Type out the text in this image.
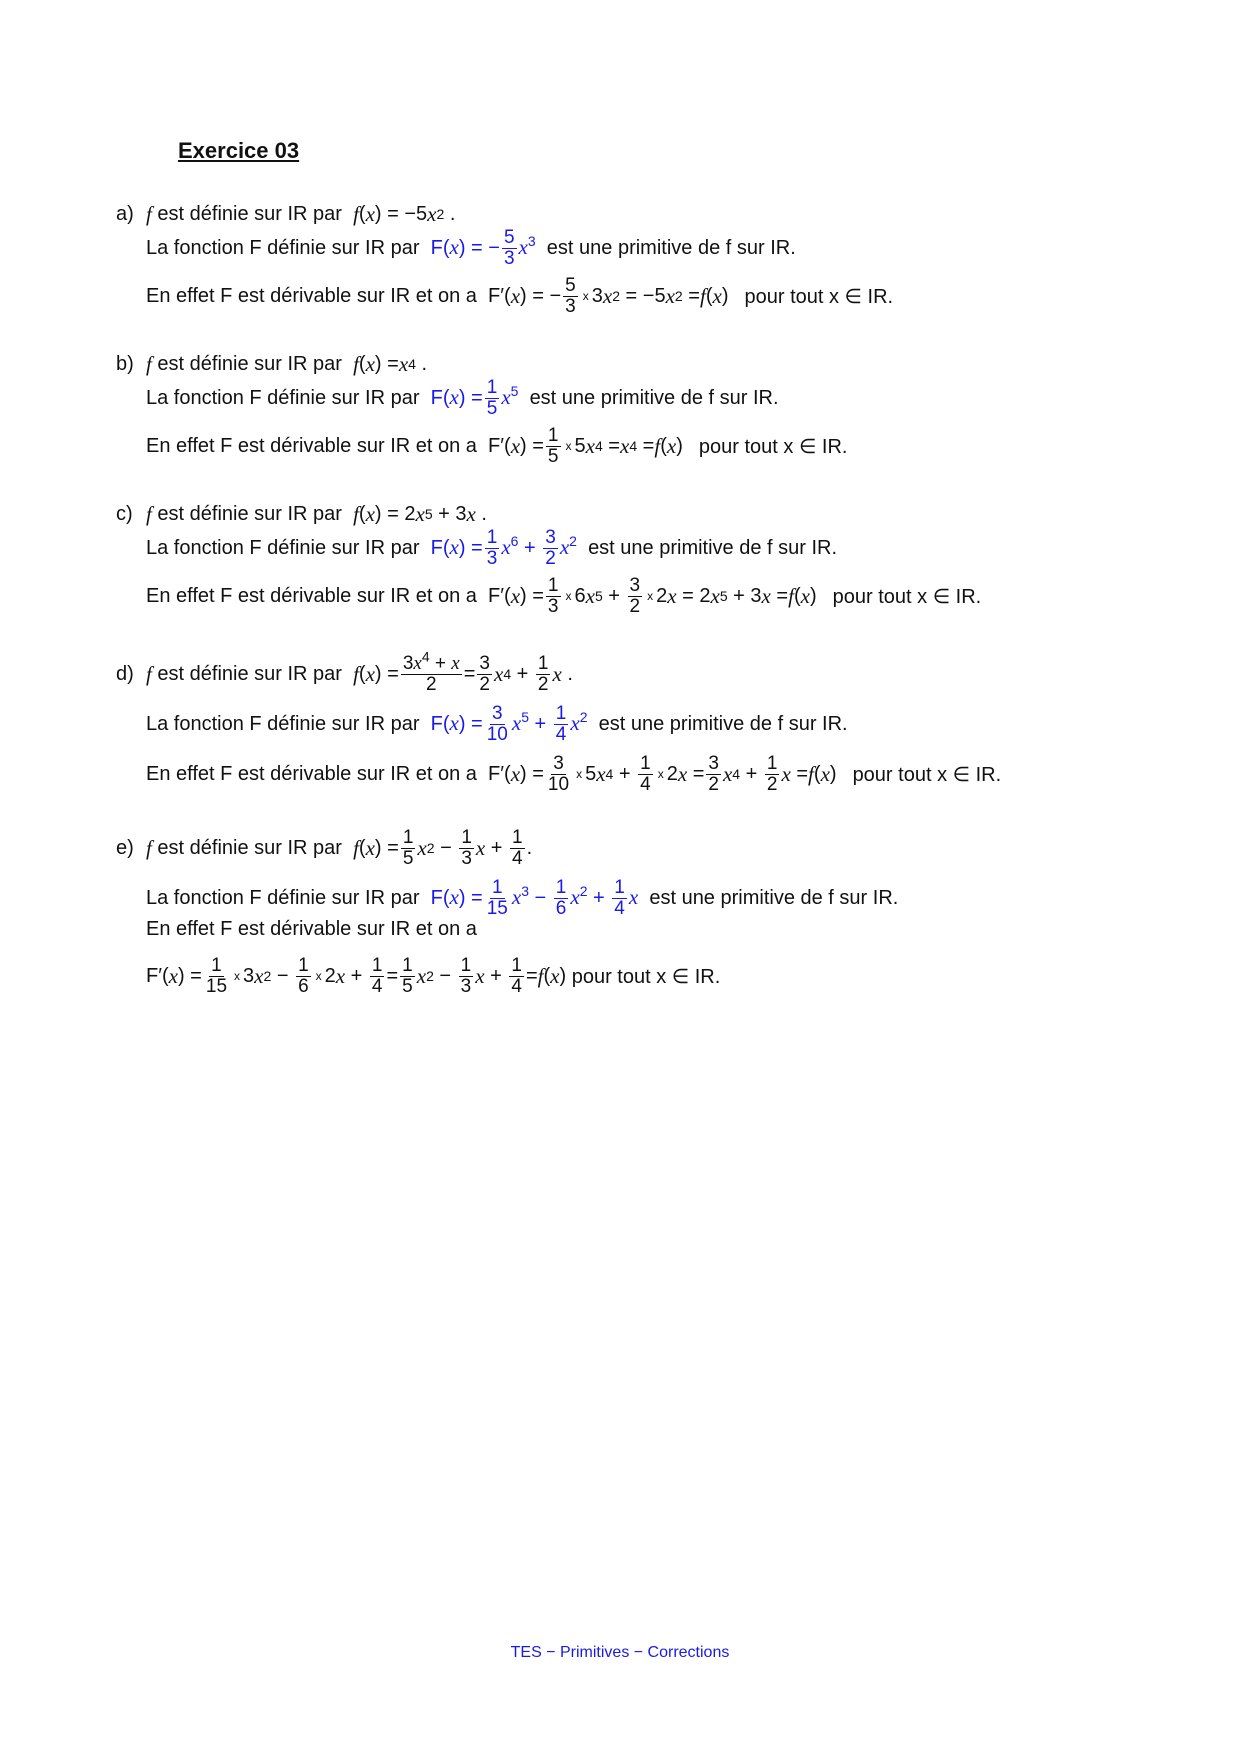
Exercice 03
a) f
est définie sur IR par
f ( x ) = −5 x 2 .
La fonction F définie sur IR par
F(x) = − $\frac{5}{3} x^3$
est une primitive de f sur IR.
En effet F est dérivable sur IR et on a
F′( x ) = − $\frac{5}{3}$ x 3 x 2 = −5 x 2 = f ( x ) pour tout x ∈ IR.
b) f
est définie sur IR par
f ( x ) = x 4 .
La fonction F définie sur IR par
$F(x) = \frac{1}{5} x^5$
est une primitive de f sur IR.
En effet F est dérivable sur IR et on a
F′( x ) = $\frac{1}{5}$ x 5 x 4 = x 4 = f ( x ) pour tout x ∈ IR.
c) f
est définie sur IR par
f ( x ) = 2 x 5 + 3 x .
La fonction F définie sur IR par
$F(x) = \frac{1}{3} x^6 + \frac{3}{2} x^2$
est une primitive de f sur IR.
En effet F est dérivable sur IR et on a
F′( x ) = $\frac{1}{3}$ x 6 x $5 + \frac{3}{2}$ x 2 x = 2 x 5 + 3 x = f ( x ) pour tout x ∈ IR.
d) f
est définie sur IR par
f ( x ) = $\frac{3x^4 + x}{2} = \frac{3}{2}$ x $4 + \frac{1}{2}$ x .
La fonction F définie sur IR par
$F(x) = \frac{3}{10} x^5 + \frac{1}{4} x^2$
est une primitive de f sur IR.
En effet F est dérivable sur IR et on a
F′( x ) = $\frac{3}{10}$ x 5 x $4 + \frac{1}{4}$ x 2 $x = \frac{3}{2}$ x $4 + \frac{1}{2}$ x = f ( x ) pour tout x ∈ IR.
e) f
est définie sur IR par
f ( x ) = $\frac{1}{5}$ x $2 - \frac{1}{3}$ $x + \frac{1}{4}$ .
La fonction F définie sur IR par
$F(x) = \frac{1}{15} x^3 - \frac{1}{6} x^2 + \frac{1}{4}$ x
est une primitive de f sur IR.
En effet F est dérivable sur IR et on a
F′( x ) = $\frac{1}{15}$ x 3 x $2 - \frac{1}{6}$ x 2 $x + \frac{1}{4} = \frac{1}{5}$ x $2 - \frac{1}{3}$ $x + \frac{1}{4} = f$ ( x )
pour tout x ∈ IR.
TES − Primitives − Corrections
